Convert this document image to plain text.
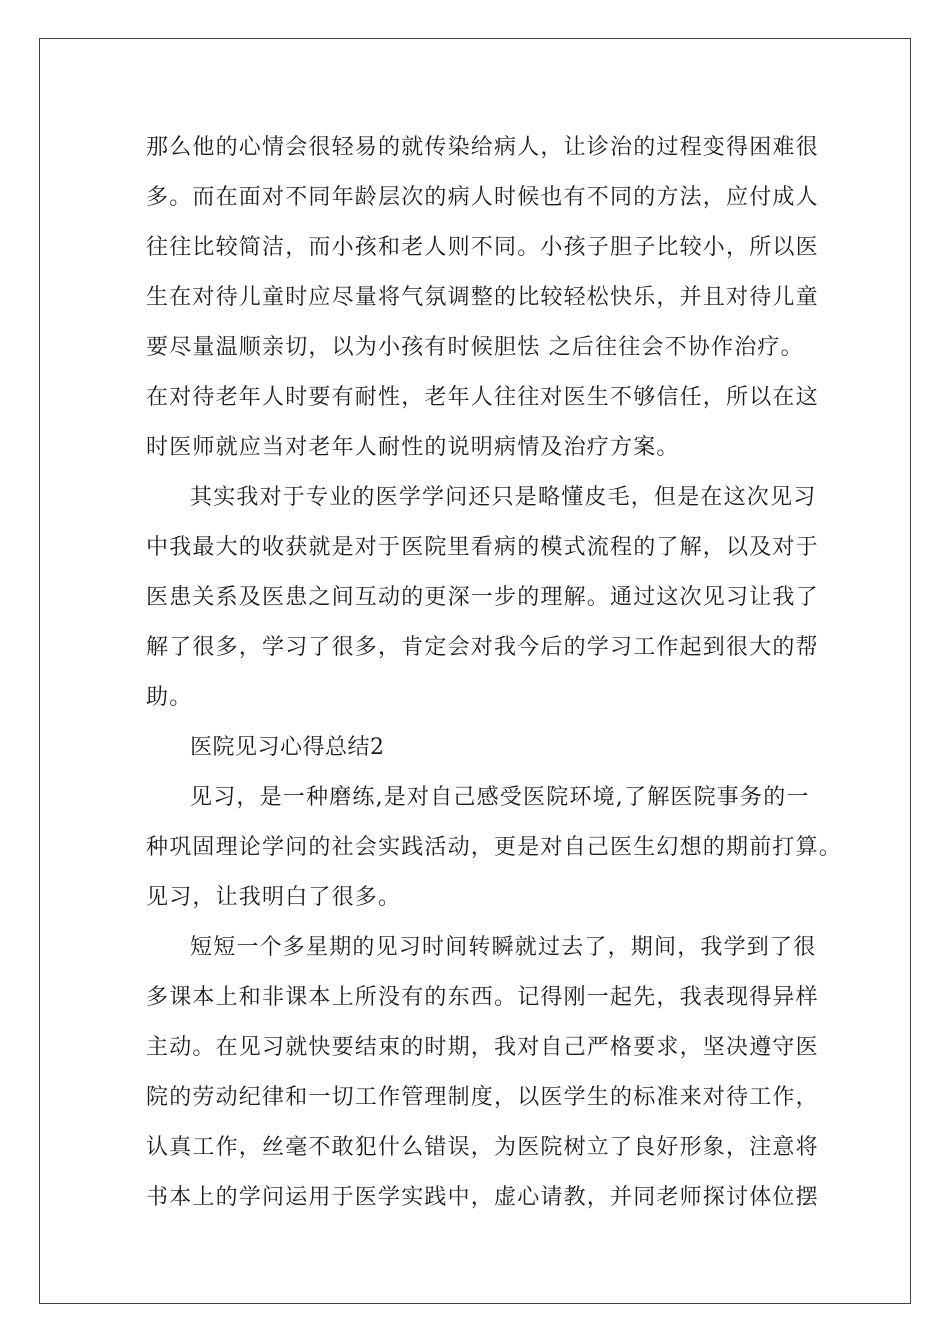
那么他的心情会很轻易的就传染给病人，让诊治的过程变得困难很
多。而在面对不同年龄层次的病人时候也有不同的方法，应付成人
往往比较简洁，而小孩和老人则不同。小孩子胆子比较小，所以医
生在对待儿童时应尽量将气氛调整的比较轻松快乐，并且对待儿童
要尽量温顺亲切，以为小孩有时候胆怯 之后往往会不协作治疗。
在对待老年人时要有耐性，老年人往往对医生不够信任，所以在这
时医师就应当对老年人耐性的说明病情及治疗方案。
其实我对于专业的医学学问还只是略懂皮毛，但是在这次见习
中我最大的收获就是对于医院里看病的模式流程的了解，以及对于
医患关系及医患之间互动的更深一步的理解。通过这次见习让我了
解了很多，学习了很多，肯定会对我今后的学习工作起到很大的帮
助。
医院见习心得总结2
见习，是一种磨练,是对自己感受医院环境,了解医院事务的一
种巩固理论学问的社会实践活动，更是对自己医生幻想的期前打算。
见习，让我明白了很多。
短短一个多星期的见习时间转瞬就过去了，期间，我学到了很
多课本上和非课本上所没有的东西。记得刚一起先，我表现得异样
主动。在见习就快要结束的时期，我对自己严格要求，坚决遵守医
院的劳动纪律和一切工作管理制度，以医学生的标准来对待工作，
认真工作，丝毫不敢犯什么错误，为医院树立了良好形象，注意将
书本上的学问运用于医学实践中，虚心请教，并同老师探讨体位摆
